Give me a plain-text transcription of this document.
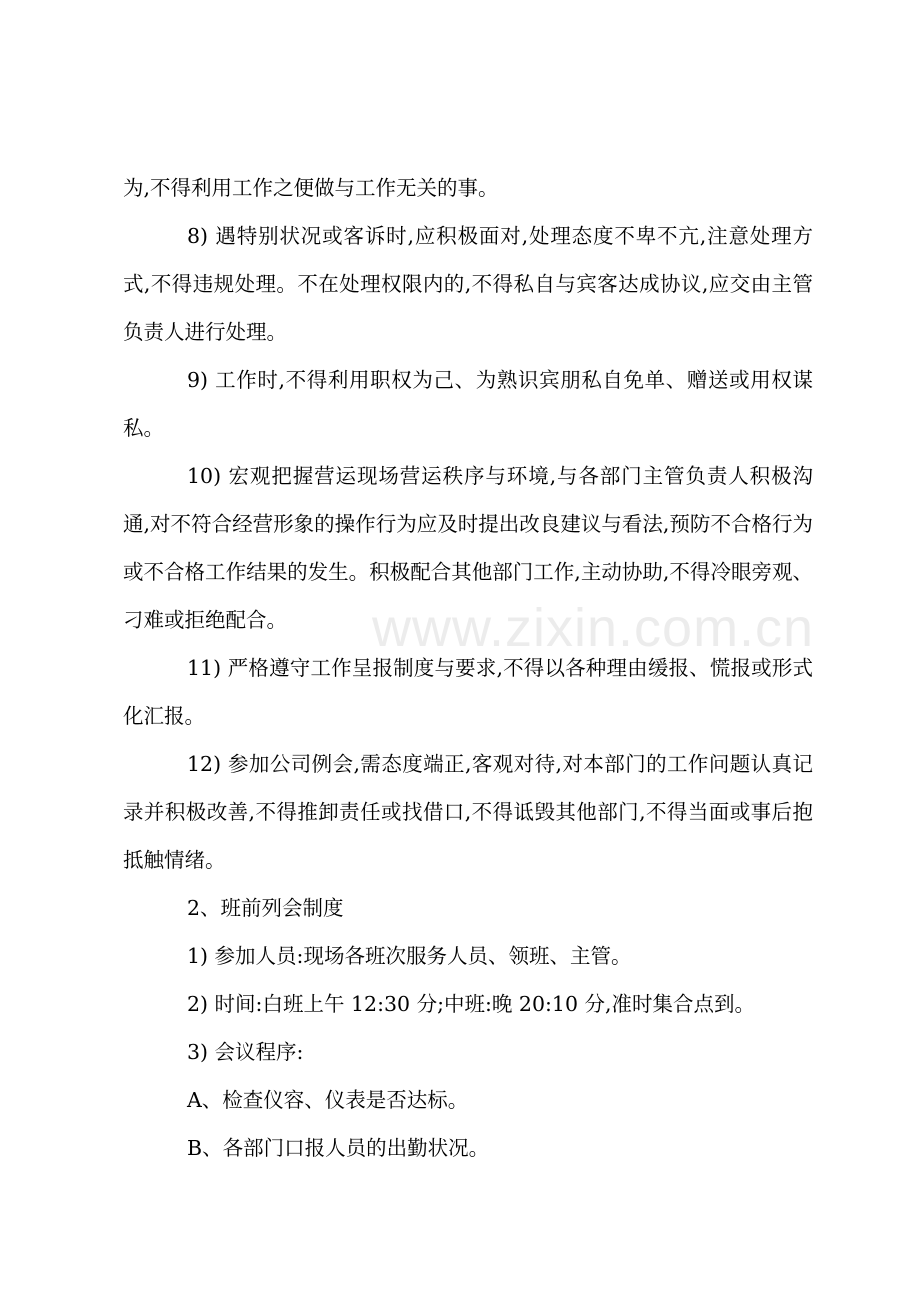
为,不得利用工作之便做与工作无关的事。

8) 遇特别状况或客诉时,应积极面对,处理态度不卑不亢,注意处理方式,不得违规处理。不在处理权限内的,不得私自与宾客达成协议,应交由主管负责人进行处理。

9) 工作时,不得利用职权为己、为熟识宾朋私自免单、赠送或用权谋私。

10) 宏观把握营运现场营运秩序与环境,与各部门主管负责人积极沟通,对不符合经营形象的操作行为应及时提出改良建议与看法,预防不合格行为或不合格工作结果的发生。积极配合其他部门工作,主动协助,不得冷眼旁观、刁难或拒绝配合。

11) 严格遵守工作呈报制度与要求,不得以各种理由缓报、慌报或形式化汇报。

12) 参加公司例会,需态度端正,客观对待,对本部门的工作问题认真记录并积极改善,不得推卸责任或找借口,不得诋毁其他部门,不得当面或事后抱抵触情绪。

2、班前列会制度

1) 参加人员:现场各班次服务人员、领班、主管。

2) 时间:白班上午 12:30 分;中班:晚 20:10 分,准时集合点到。

3) 会议程序:

A、检查仪容、仪表是否达标。

B、各部门口报人员的出勤状况。

www.zixin.com.cn
